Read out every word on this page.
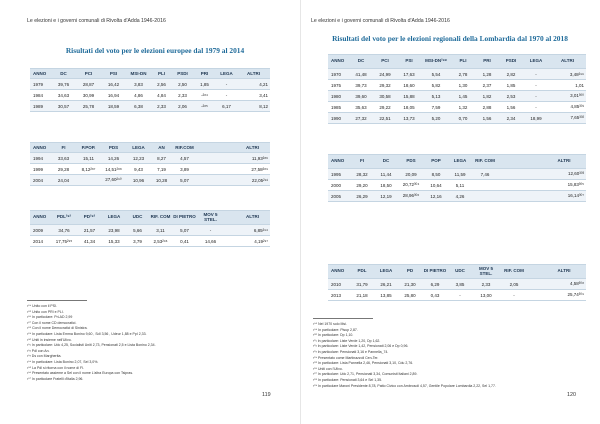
Le elezioni e i governi comunali di Rivolta d'Adda 1946-2016
Risultati del voto per le elezioni europee dal 1979 al 2014
ANNO	DC	PCI	PSI	MSI-DN	PLI	PSDI	PRI	LEGA	ALTRI
1979	39,76	28,87	16,42	3,83	2,56	2,50	1,85	-	4,21
1984	34,63	30,99	16,94	4,86	4,84	2,33	-²⁸⁴	-	3,41
1989	30,57	25,78	18,59	6,38	2,33	2,06	-²⁸⁵	6,17	8,12
ANNO	FI	P.POP.	PDS	LEGA	AN	RIF.COM			ALTRI
1994	33,63	15,11	14,26	12,23	8,27	4,57			11,93²⁸⁶
1999	29,28	8,12²⁸⁷	14,51²⁸⁸	9,43	7,19	3,89			27,58²⁸⁹
2004	24,04		27,60²⁹⁰	10,96	10,28	5,07			22,05²⁹¹
ANNO	PDL²⁹²	PD²⁹³	LEGA	UDC	RIF. COM	DI PIETRO	MOV 5 STEL.		ALTRI
2009	34,76	21,57	23,98	5,66	3,11	5,07	-		6,85²⁹⁴
2014	17,75²⁹⁵	41,34	15,33	3,79	2,53²⁹⁶	0,41	14,66		4,19²⁹⁷
²⁸⁴ Unito con il PSI.
²⁸⁵ Unito con PRI e PLI.
²⁸⁶ In particolare: Pri-AD 2,99
²⁸⁷ Con il nome CD democratici.
²⁸⁸ Con il nome Democratici di Sinistra.
²⁸⁹ In particolare: Lista Emma Bonino 9,60 , SdI 3,56 , Udeur 1,88 e PpI 2,33.
²⁹⁰ Uniti in insieme nell'Ulivo.
²⁹¹ In particolare: Udc 4,25, Socialisti Uniti 2,73, Pensionati 2,5 e Lista Bonino 2,34.
²⁹² Pdl con An.
²⁹³ Ds con Margherita.
²⁹⁴ In particolare: Lista Bonino 2,07, Sel 3,0%.
²⁹⁵ La Pdl si ritorna con il nome di FI.
²⁹⁶ Presentato assieme a Sel con il nome L'altra Europa con Tsipras.
²⁹⁷ In particolare Fratelli d'Italia 2,96.
119
Le elezioni e i governi comunali di Rivolta d'Adda 1946-2016
Risultati del voto per le elezioni regionali della Lombardia dal 1970 al 2018
ANNO	DC	PCI	PSI	MSI-DN²⁹⁸	PLI	PRI	PSDI	LEGA	ALTRI
1970	41,48	24,99	17,63	5,54	2,78	1,28	2,82	-	3,48²⁹⁹
1975	39,73	29,32	18,60	5,82	1,30	2,37	1,85	-	1,01
1980	39,60	30,58	15,88	5,13	1,45	1,82	2,53	-	3,01³⁰⁰
1985	35,63	29,22	18,05	7,59	1,32	2,88	1,56	-	4,85³⁰¹
1990	27,32	22,51	13,73	5,20	0,70	1,56	2,34	18,99	7,65³⁰²
ANNO	FI	DC	PDS	POP	LEGA	RIF. COM			ALTRI
1995	28,32	11,44	20,09	8,50	11,59	7,46			12,60³⁰³
2000	29,20	18,50	20,72³⁰⁴	10,64	5,11				15,83³⁰⁵
2005	26,29	12,19	28,96³⁰⁶	12,16	4,26				16,14³⁰⁷
ANNO	PDL	LEGA	PD	DI PIETRO	UDC	MOV 5 STEL.	RIF. COM		ALTRI
2010	31,79	26,21	21,30	6,29	3,85	2,33	2,05		4,58³⁰⁸
2013	21,18	13,85	25,80	0,43	-	13,00	-		25,74³⁰⁹
²⁹⁸ Nel 1970 solo Msi.
²⁹⁹ In particolare: Pisup 2,87.
³⁰⁰ In particolare: Dp 1,10.
³⁰¹ In particolare: Liste Verde 1,20, Dp 1,62.
³⁰² In particolare: Liste Verde 1,42, Pensionati 2,06 e Dp 0,96.
³⁰³ In particolare: Pensionati 3,16 e Pannella_74.
³⁰⁴ Presentato come Martinazzoli Cen-Ter.
³⁰⁵ In particolare: Lista Pannella 2,46, Pensionati 3,10, Cdu 2,76.
³⁰⁶ Uniti con l'Ulivo.
³⁰⁷ In particolare: Udc 2,71, Pensionati 3,34, Comunisti Italiani 2,89.
³⁰⁸ In particolare: Pensionati 3,64 e Sel 1,35.
³⁰⁹ In particolare Maroni Presidente 8,78, Patto Civico con Ambrosoli 4,57, Gentile Popolare Lombardia 2,22, Sel 1,77.
120
